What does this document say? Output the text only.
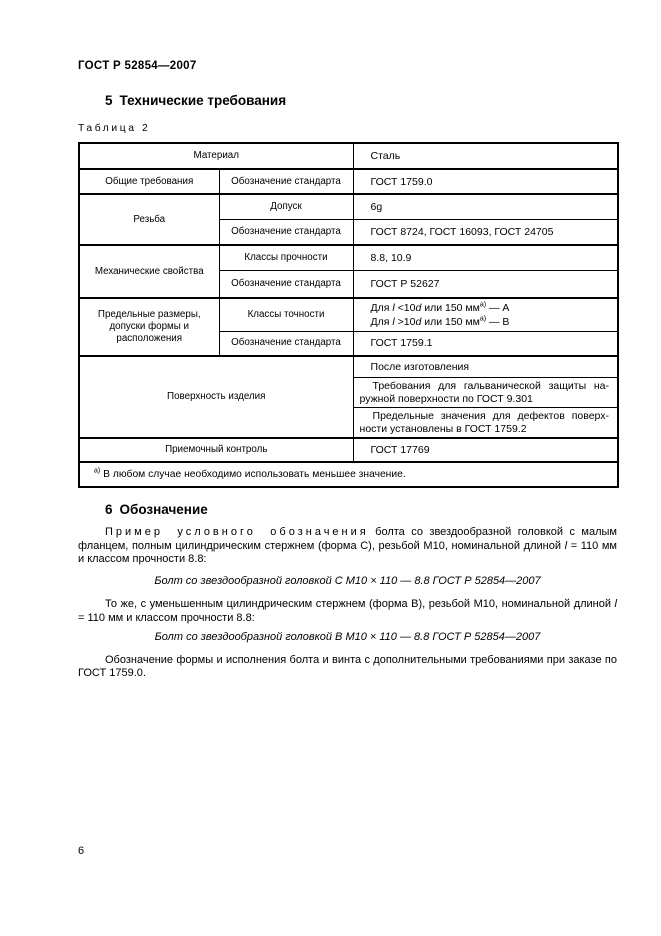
ГОСТ Р 52854—2007
5 Технические требования
Таблица 2
Материал		Сталь
Общие требования	Обозначение стандарта	ГОСТ 1759.0
Резьба	Допуск	6g
	Обозначение стандарта	ГОСТ 8724, ГОСТ 16093, ГОСТ 24705
Механические свойства	Классы прочности	8.8, 10.9
	Обозначение стандарта	ГОСТ Р 52627
Предельные размеры, допуски формы и расположения	Классы точности	Для l <10d или 150 $мм^{а)}$ — А
Для l >10d или 150 $мм^{а)}$ — В
	Обозначение стандарта	ГОСТ 1759.1
Поверхность изделия		После изготовления
		Требования для гальванической защиты наружной поверхности по ГОСТ 9.301
		Предельные значения для дефектов поверхности установлены в ГОСТ 1759.2
Приемочный контроль		ГОСТ 17769
$^{а)}$ В любом случае необходимо использовать меньшее значение.		
6 Обозначение

Пример условного обозначения болта со звездообразной головкой с малым фланцем, полным цилиндрическим стержнем (форма С), резьбой М10, номинальной длиной l = 110 мм и классом прочности 8.8:

Болт со звездообразной головкой С М10 × 110 — 8.8 ГОСТ Р 52854—2007

То же, с уменьшенным цилиндрическим стержнем (форма В), резьбой М10, номинальной длиной l = 110 мм и классом прочности 8.8:

Болт со звездообразной головкой В М10 × 110 — 8.8 ГОСТ Р 52854—2007

Обозначение формы и исполнения болта и винта с дополнительными требованиями при заказе по ГОСТ 1759.0.

6
